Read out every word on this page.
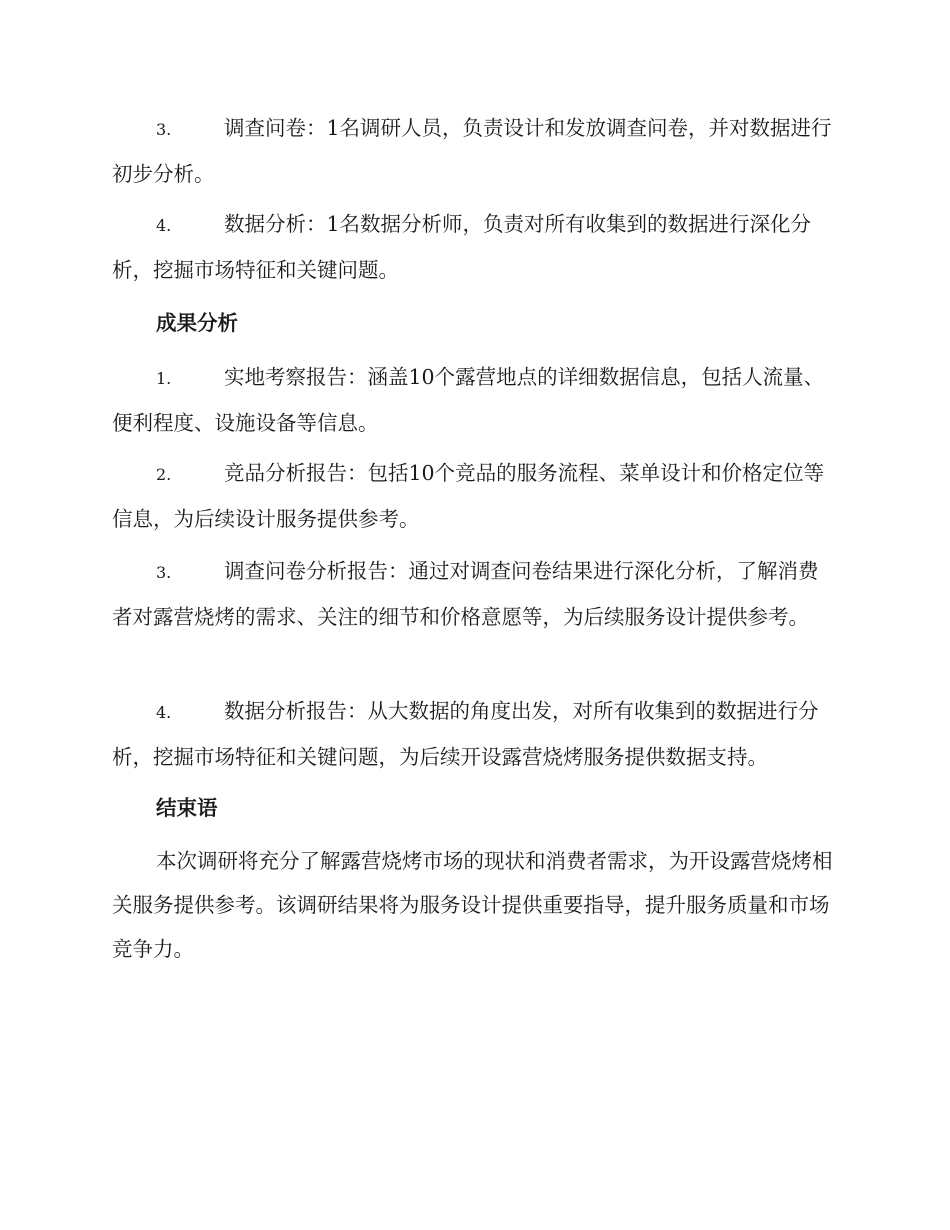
3.	调查问卷：1名调研人员，负责设计和发放调查问卷，并对数据进行初步分析。

4.	数据分析：1名数据分析师，负责对所有收集到的数据进行深化分析，挖掘市场特征和关键问题。

成果分析

1.	实地考察报告：涵盖10个露营地点的详细数据信息，包括人流量、便利程度、设施设备等信息。

2.	竞品分析报告：包括10个竞品的服务流程、菜单设计和价格定位等信息，为后续设计服务提供参考。

3.	调查问卷分析报告：通过对调查问卷结果进行深化分析，了解消费者对露营烧烤的需求、关注的细节和价格意愿等，为后续服务设计提供参考。

4.	数据分析报告：从大数据的角度出发，对所有收集到的数据进行分析，挖掘市场特征和关键问题，为后续开设露营烧烤服务提供数据支持。

结束语

本次调研将充分了解露营烧烤市场的现状和消费者需求，为开设露营烧烤相关服务提供参考。该调研结果将为服务设计提供重要指导，提升服务质量和市场竞争力。
